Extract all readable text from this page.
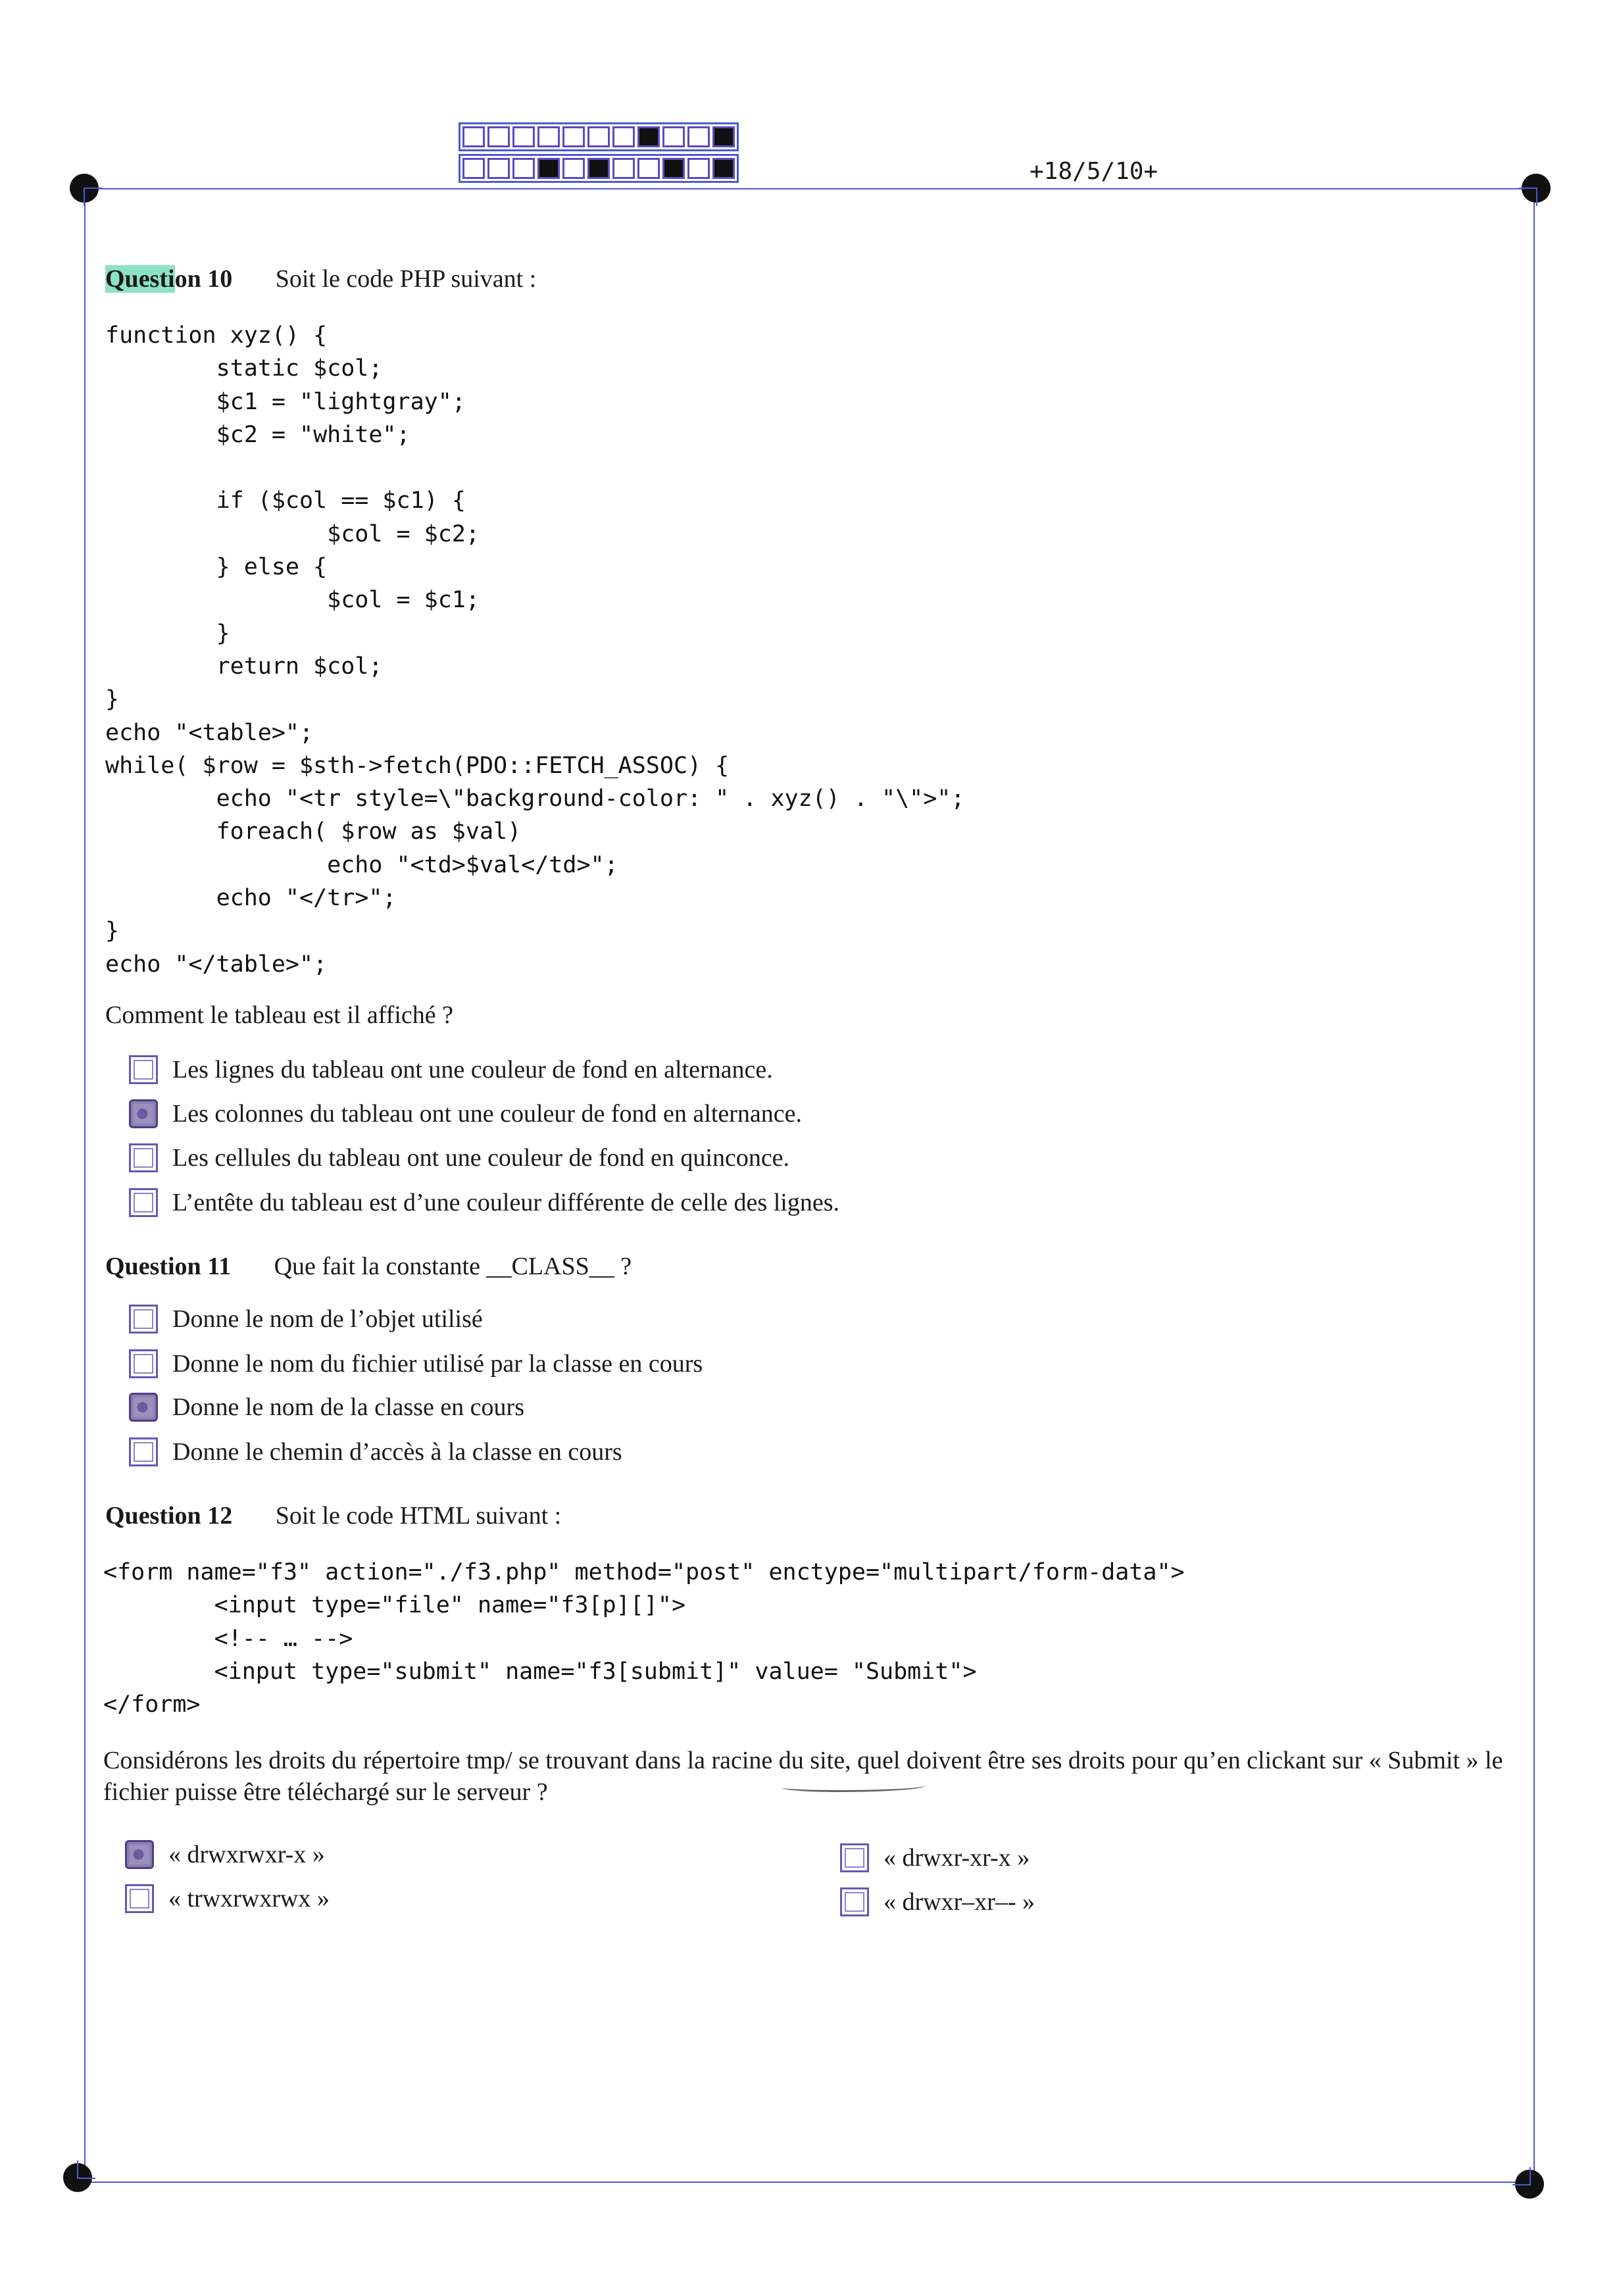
+18/5/10+
Question 10 Soit le code PHP suivant :
function xyz() {
static $col;
$c1 = "lightgray";
$c2 = "white";

if ($col == $c1) {
$col = $c2;
} else {
$col = $c1;
}
return $col;
}
echo "<table>";
while( $row = $sth->fetch(PDO::FETCH_ASSOC) {
echo "<tr style=\"background-color: " . xyz() . "\">";
foreach( $row as $val)
echo "<td>$val</td>";
echo "</tr>";
}
echo "</table>";
Comment le tableau est il affiché ?
Les lignes du tableau ont une couleur de fond en alternance.
Les colonnes du tableau ont une couleur de fond en alternance.
Les cellules du tableau ont une couleur de fond en quinconce.
L’entête du tableau est d’une couleur différente de celle des lignes.
Question 11 Que fait la constante __CLASS__ ?
Donne le nom de l’objet utilisé
Donne le nom du fichier utilisé par la classe en cours
Donne le nom de la classe en cours
Donne le chemin d’accès à la classe en cours
Question 12 Soit le code HTML suivant :
<form name="f3" action="./f3.php" method="post" enctype="multipart/form-data">
<input type="file" name="f3[p][]">
<!-- … -->
<input type="submit" name="f3[submit]" value= "Submit">
</form>
Considérons les droits du répertoire tmp/ se trouvant dans la racine du site, quel doivent être ses droits pour qu’en clickant sur « Submit » le fichier puisse être téléchargé sur le serveur ?
« drwxrwxr-x »	« drwxr-xr-x »
« trwxrwxrwx »	« drwxr–xr–- »
